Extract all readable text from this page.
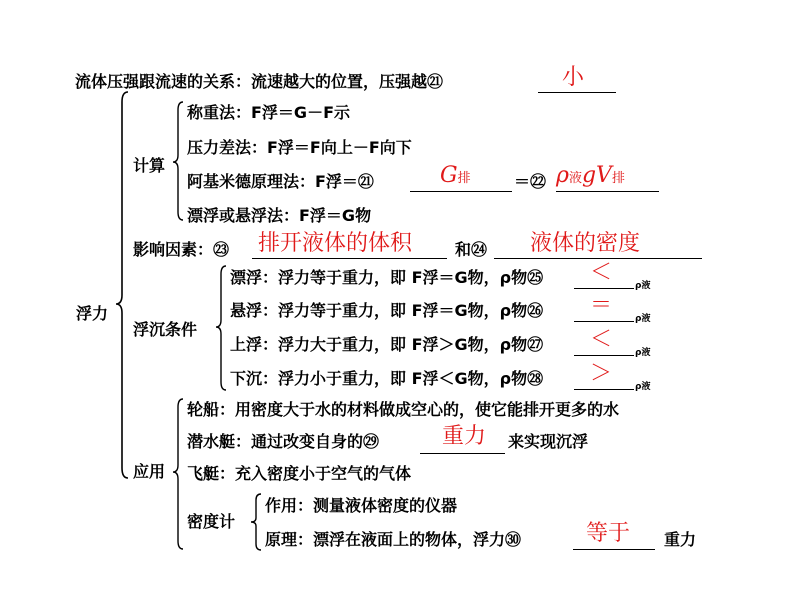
流体压强跟流速的关系：流速越大的位置，压强越㉑	小
浮力
计算
称重法：F浮＝G－F示
压力差法：F浮＝F向上－F向下
阿基米德原理法：F浮＝㉑	G排	＝㉒ ρ液gV排
漂浮或悬浮法：F浮＝G物
影响因素：㉓ 排开液体的体积	和㉔ 液体的密度
浮沉条件
漂浮：浮力等于重力，即 F浮＝G物，ρ物㉕ ＜
ρ液
悬浮：浮力等于重力，即 F浮＝G物，ρ物㉖ ＝
ρ液
上浮：浮力大于重力，即 F浮＞G物，ρ物㉗ ＜
ρ液
下沉：浮力小于重力，即 F浮＜G物，ρ物㉘ ＞
ρ液
应用
轮船：用密度大于水的材料做成空心的，使它能排开更多的水
潜水艇：通过改变自身的㉙	重力 来实现沉浮
飞艇：充入密度小于空气的气体
密度计
作用：测量液体密度的仪器
原理：漂浮在液面上的物体，浮力㉚	等于 重力
